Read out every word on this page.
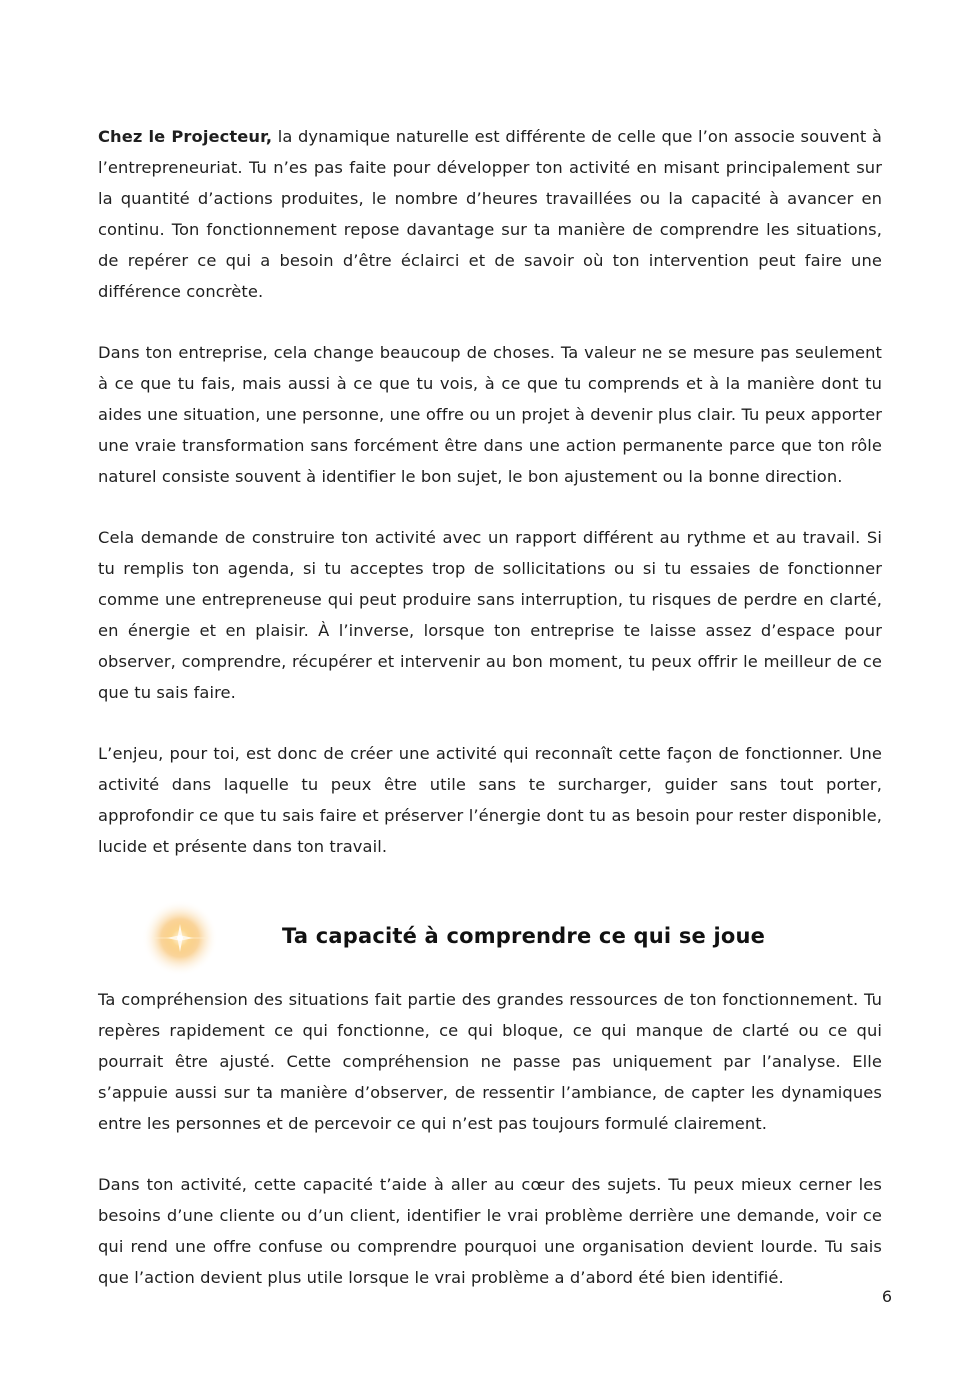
Chez le Projecteur, la dynamique naturelle est différente de celle que l’on associe souvent à l’entrepreneuriat. Tu n’es pas faite pour développer ton activité en misant principalement sur la quantité d’actions produites, le nombre d’heures travaillées ou la capacité à avancer en continu. Ton fonctionnement repose davantage sur ta manière de comprendre les situations, de repérer ce qui a besoin d’être éclairci et de savoir où ton intervention peut faire une différence concrète.

Dans ton entreprise, cela change beaucoup de choses. Ta valeur ne se mesure pas seulement à ce que tu fais, mais aussi à ce que tu vois, à ce que tu comprends et à la manière dont tu aides une situation, une personne, une offre ou un projet à devenir plus clair. Tu peux apporter une vraie transformation sans forcément être dans une action permanente parce que ton rôle naturel consiste souvent à identifier le bon sujet, le bon ajustement ou la bonne direction.

Cela demande de construire ton activité avec un rapport différent au rythme et au travail. Si tu remplis ton agenda, si tu acceptes trop de sollicitations ou si tu essaies de fonctionner comme une entrepreneuse qui peut produire sans interruption, tu risques de perdre en clarté, en énergie et en plaisir. À l’inverse, lorsque ton entreprise te laisse assez d’espace pour observer, comprendre, récupérer et intervenir au bon moment, tu peux offrir le meilleur de ce que tu sais faire.

L’enjeu, pour toi, est donc de créer une activité qui reconnaît cette façon de fonctionner. Une activité dans laquelle tu peux être utile sans te surcharger, guider sans tout porter, approfondir ce que tu sais faire et préserver l’énergie dont tu as besoin pour rester disponible, lucide et présente dans ton travail.

Ta capacité à comprendre ce qui se joue

Ta compréhension des situations fait partie des grandes ressources de ton fonctionnement. Tu repères rapidement ce qui fonctionne, ce qui bloque, ce qui manque de clarté ou ce qui pourrait être ajusté. Cette compréhension ne passe pas uniquement par l’analyse. Elle s’appuie aussi sur ta manière d’observer, de ressentir l’ambiance, de capter les dynamiques entre les personnes et de percevoir ce qui n’est pas toujours formulé clairement.

Dans ton activité, cette capacité t’aide à aller au cœur des sujets. Tu peux mieux cerner les besoins d’une cliente ou d’un client, identifier le vrai problème derrière une demande, voir ce qui rend une offre confuse ou comprendre pourquoi une organisation devient lourde. Tu sais que l’action devient plus utile lorsque le vrai problème a d’abord été bien identifié.

6
